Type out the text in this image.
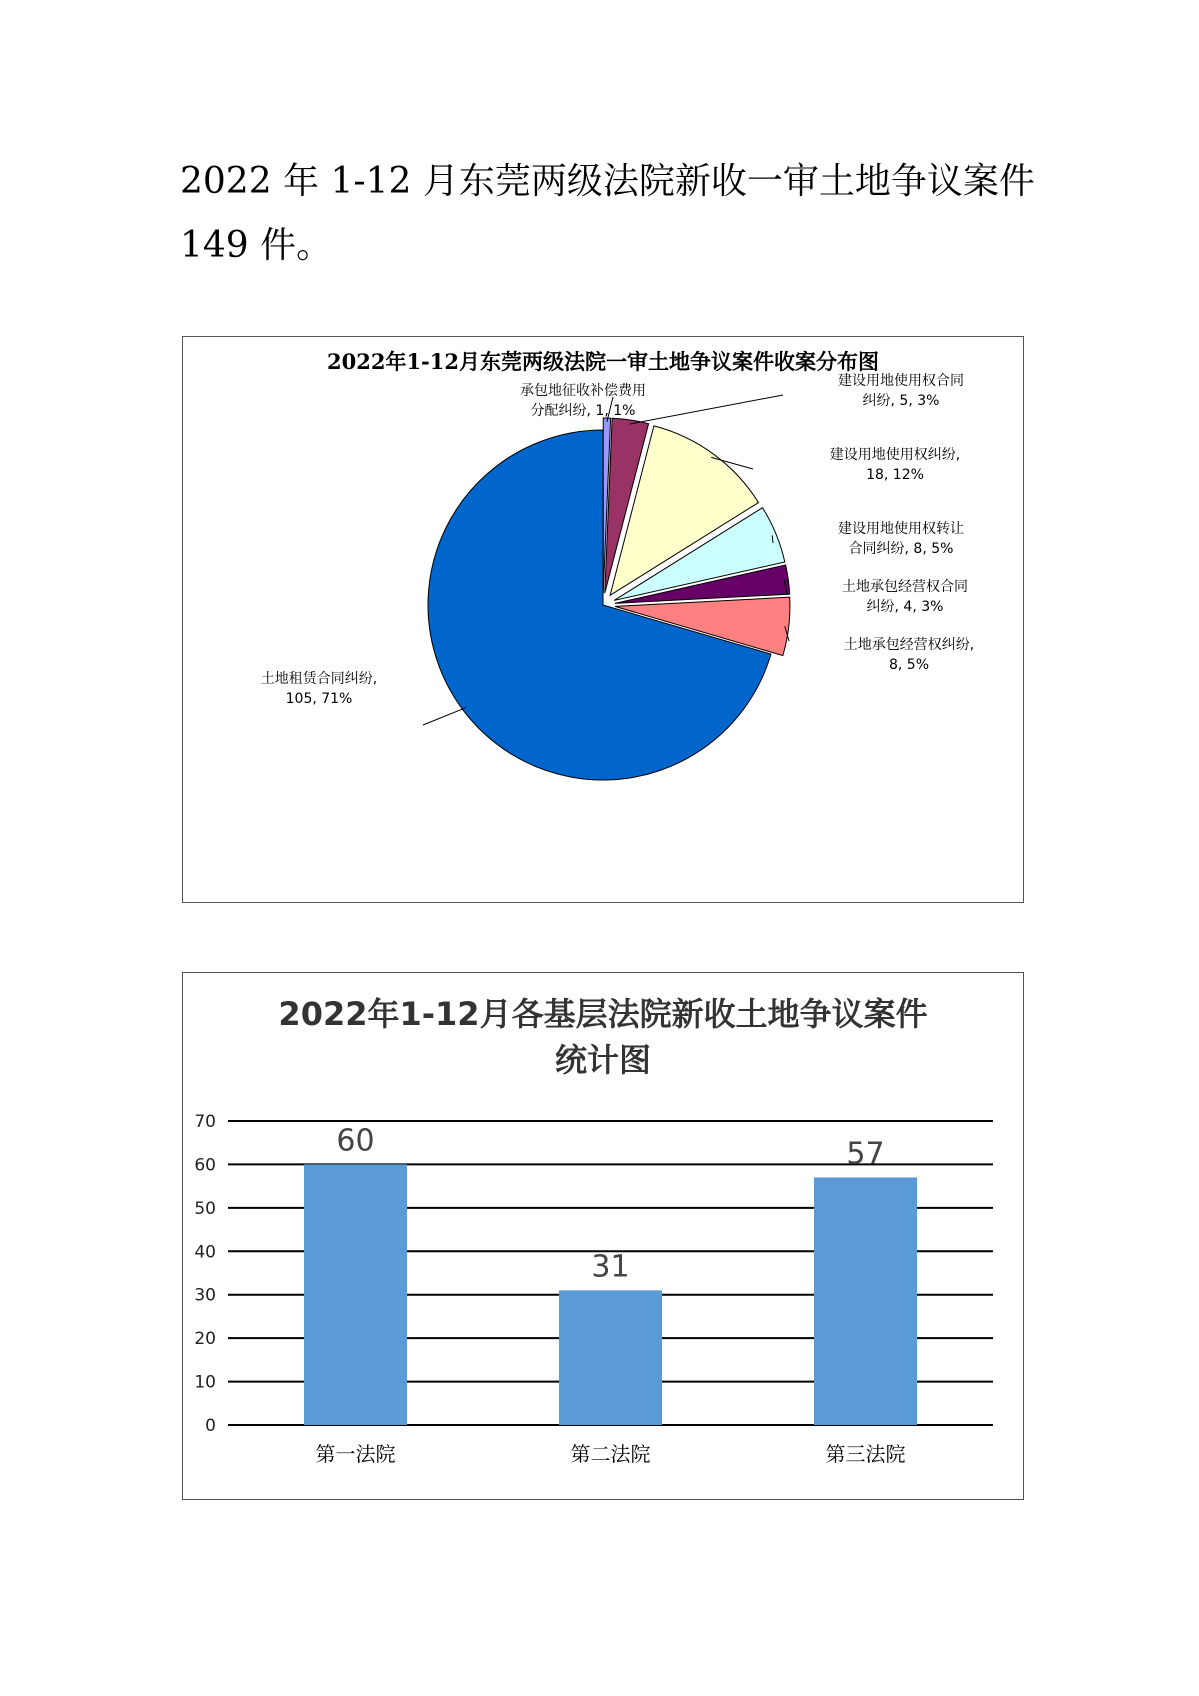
2022 年 1-12 月东莞两级法院新收一审土地争议案件 149 件。

2022年1-12月东莞两级法院一审土地争议案件收案分布图
承包地征收补偿费用
分配纠纷, 1, 1%
建设用地使用权合同
纠纷, 5, 3%
建设用地使用权纠纷,
18, 12%
建设用地使用权转让
合同纠纷, 8, 5%
土地承包经营权合同
纠纷, 4, 3%
土地承包经营权纠纷,
8, 5%
土地租赁合同纠纷,
105, 71%
2022年1-12月各基层法院新收土地争议案件
统计图
0
10
20
30
40
50
60
70
60
第一法院
31
第二法院
57
第三法院
